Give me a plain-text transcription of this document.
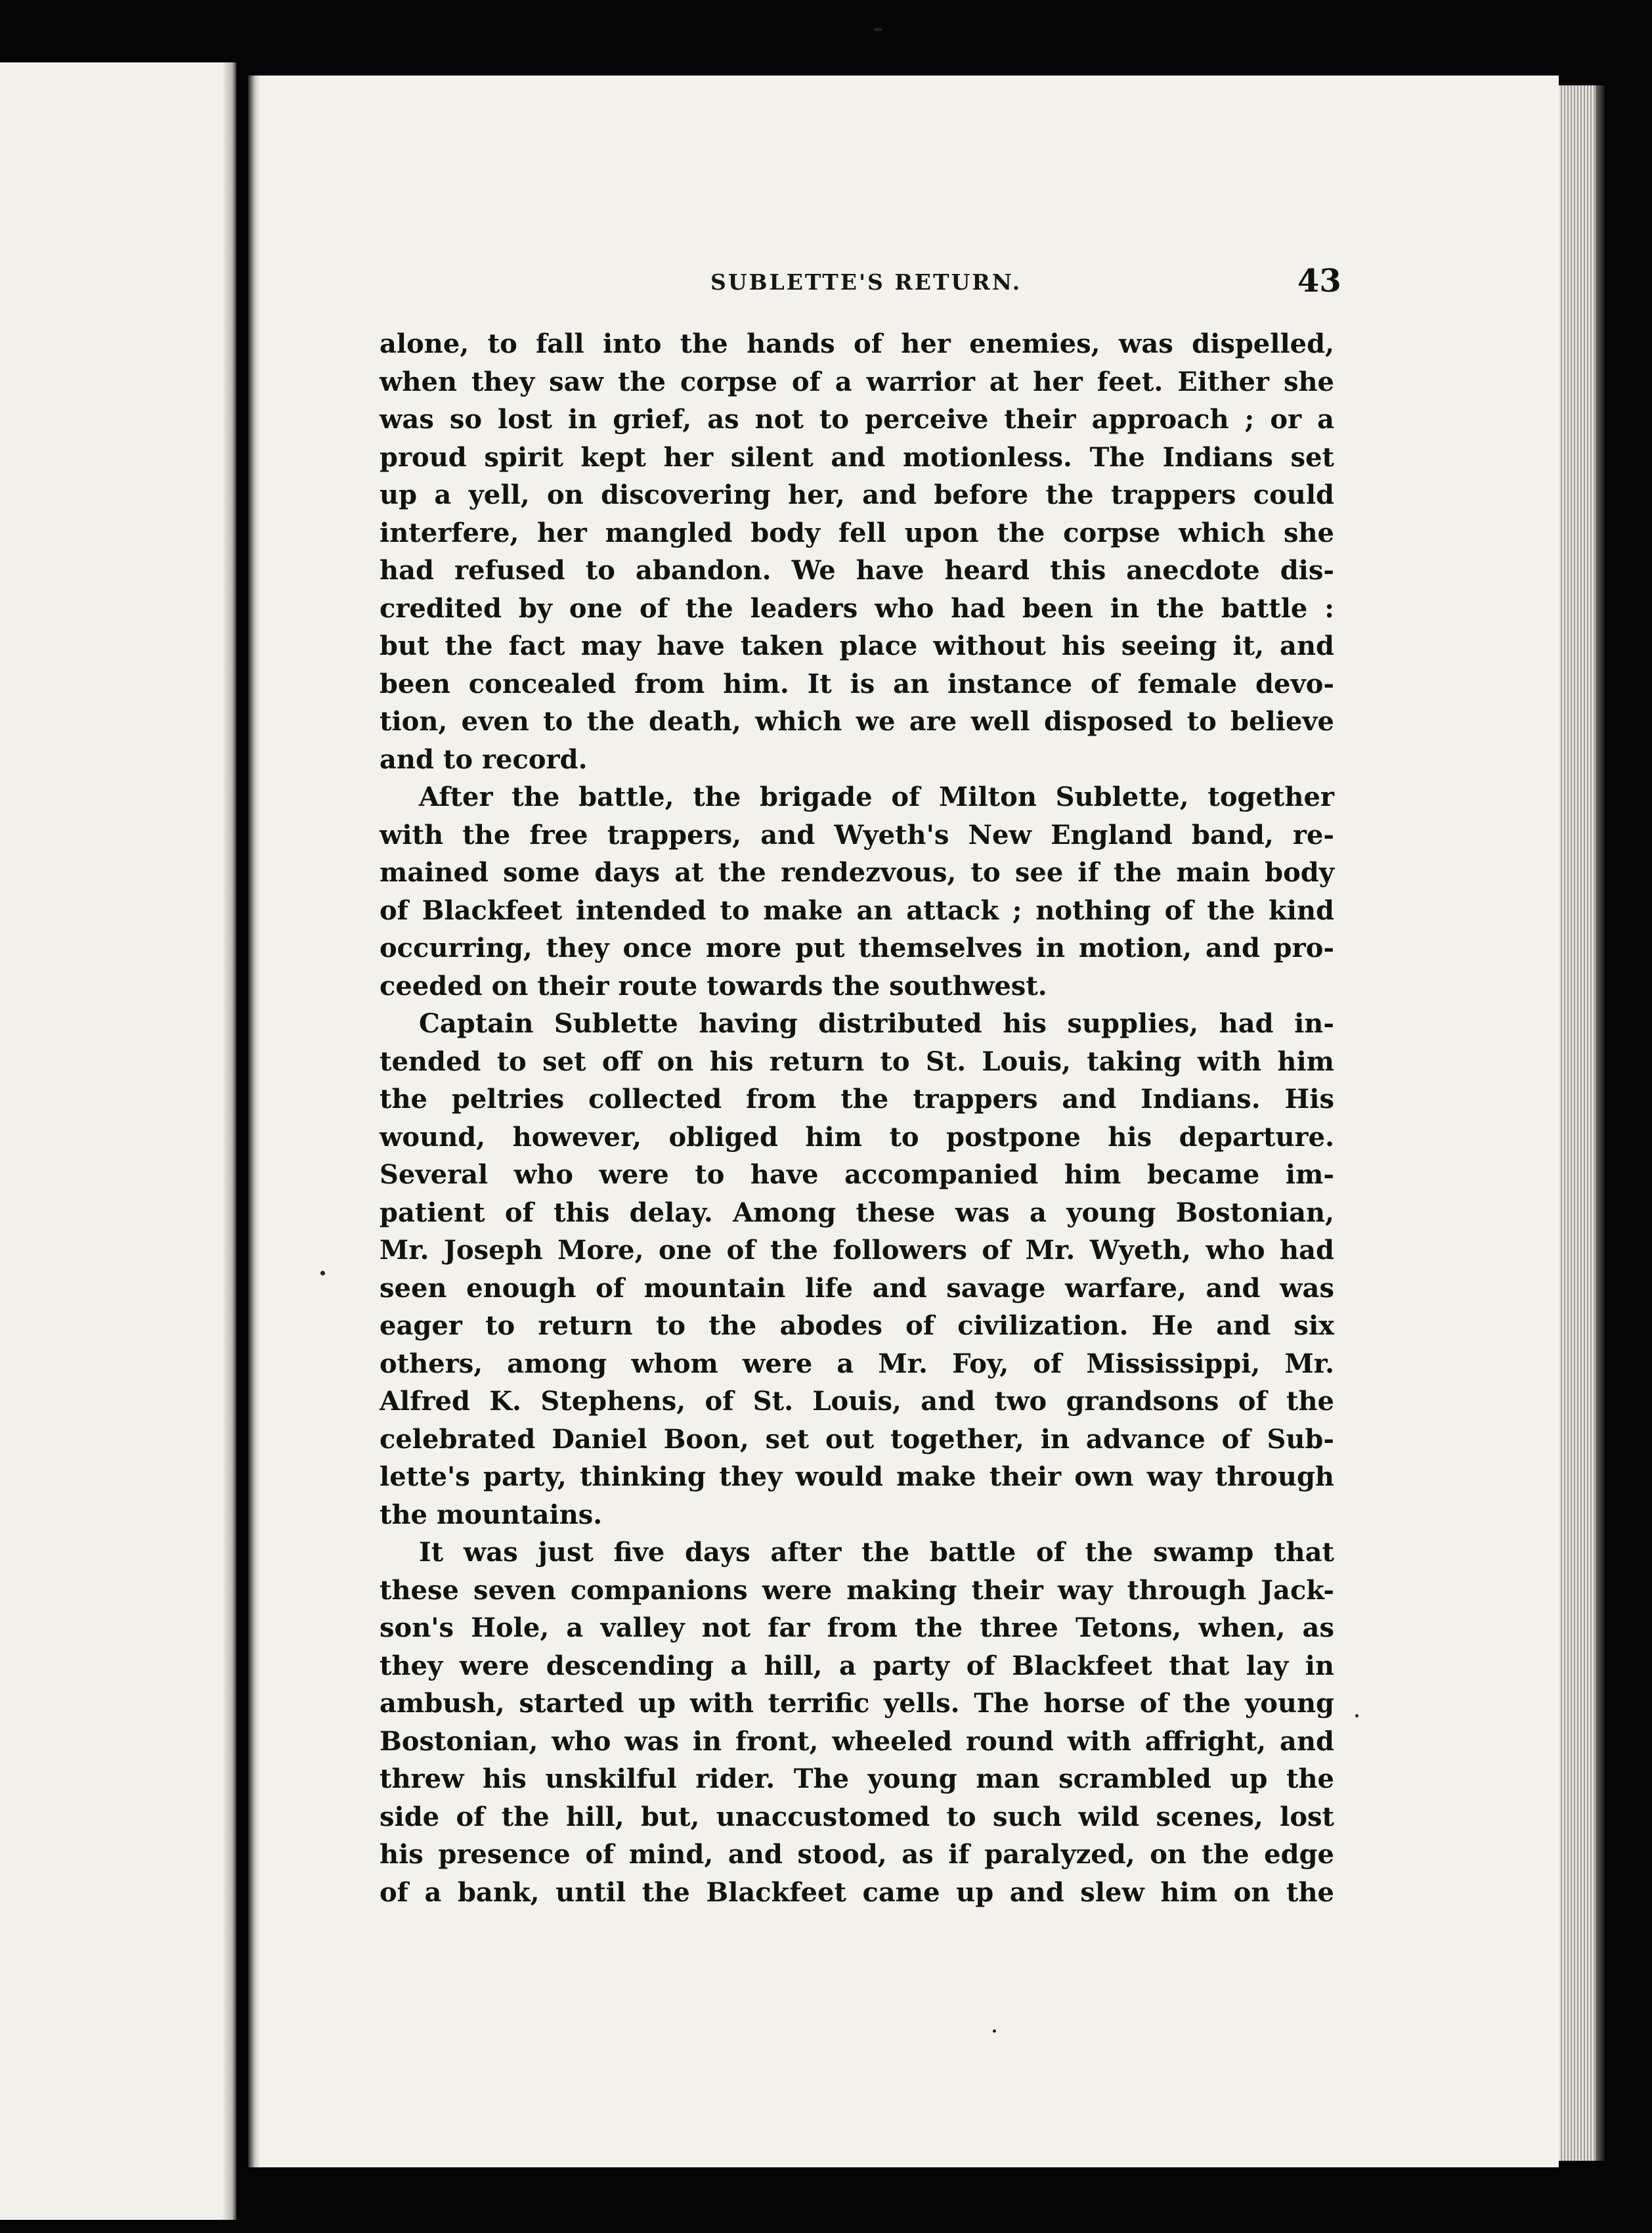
SUBLETTE'S RETURN.	43
alone, to fall into the hands of her enemies, was dispelled,
when they saw the corpse of a warrior at her feet. Either she
was so lost in grief, as not to perceive their approach ; or a
proud spirit kept her silent and motionless. The Indians set
up a yell, on discovering her, and before the trappers could
interfere, her mangled body fell upon the corpse which she
had refused to abandon. We have heard this anecdote dis-
credited by one of the leaders who had been in the battle :
but the fact may have taken place without his seeing it, and
been concealed from him. It is an instance of female devo-
tion, even to the death, which we are well disposed to believe
and to record.
After the battle, the brigade of Milton Sublette, together
with the free trappers, and Wyeth's New England band, re-
mained some days at the rendezvous, to see if the main body
of Blackfeet intended to make an attack ; nothing of the kind
occurring, they once more put themselves in motion, and pro-
ceeded on their route towards the southwest.
Captain Sublette having distributed his supplies, had in-
tended to set off on his return to St. Louis, taking with him
the peltries collected from the trappers and Indians. His
wound, however, obliged him to postpone his departure.
Several who were to have accompanied him became im-
patient of this delay. Among these was a young Bostonian,
Mr. Joseph More, one of the followers of Mr. Wyeth, who had
seen enough of mountain life and savage warfare, and was
eager to return to the abodes of civilization. He and six
others, among whom were a Mr. Foy, of Mississippi, Mr.
Alfred K. Stephens, of St. Louis, and two grandsons of the
celebrated Daniel Boon, set out together, in advance of Sub-
lette's party, thinking they would make their own way through
the mountains.
It was just five days after the battle of the swamp that
these seven companions were making their way through Jack-
son's Hole, a valley not far from the three Tetons, when, as
they were descending a hill, a party of Blackfeet that lay in
ambush, started up with terrific yells. The horse of the young
Bostonian, who was in front, wheeled round with affright, and
threw his unskilful rider. The young man scrambled up the
side of the hill, but, unaccustomed to such wild scenes, lost
his presence of mind, and stood, as if paralyzed, on the edge
of a bank, until the Blackfeet came up and slew him on the
